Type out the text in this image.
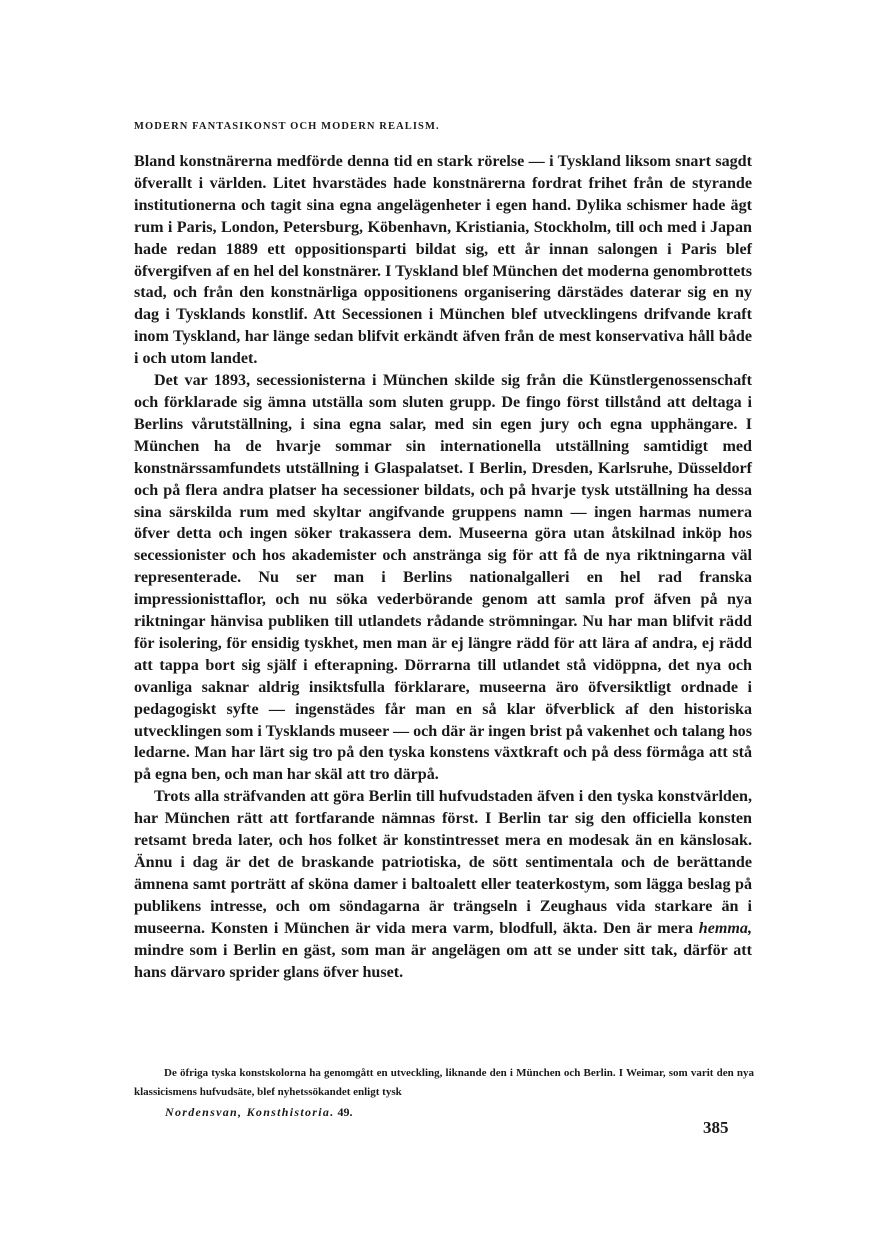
MODERN FANTASIKONST OCH MODERN REALISM.

Bland konstnärerna medförde denna tid en stark rörelse — i Tyskland liksom snart sagdt öfverallt i världen. Litet hvarstädes hade konstnärerna fordrat frihet från de styrande institutionerna och tagit sina egna angelägenheter i egen hand. Dylika schismer hade ägt rum i Paris, London, Petersburg, Köbenhavn, Kristiania, Stockholm, till och med i Japan hade redan 1889 ett oppositionsparti bildat sig, ett år innan salongen i Paris blef öfvergifven af en hel del konstnärer. I Tyskland blef München det moderna genombrottets stad, och från den konstnärliga oppositionens organisering därstädes daterar sig en ny dag i Tysklands konstlif. Att Secessionen i München blef utvecklingens drifvande kraft inom Tyskland, har länge sedan blifvit erkändt äfven från de mest konservativa håll både i och utom landet.

Det var 1893, secessionisterna i München skilde sig från die Künstlergenossenschaft och förklarade sig ämna utställa som sluten grupp. De fingo först tillstånd att deltaga i Berlins vårutställning, i sina egna salar, med sin egen jury och egna upphängare. I München ha de hvarje sommar sin internationella utställning samtidigt med konstnärssamfundets utställning i Glaspalatset. I Berlin, Dresden, Karlsruhe, Düsseldorf och på flera andra platser ha secessioner bildats, och på hvarje tysk utställning ha dessa sina särskilda rum med skyltar angifvande gruppens namn — ingen harmas numera öfver detta och ingen söker trakassera dem. Museerna göra utan åtskilnad inköp hos secessionister och hos akademister och anstränga sig för att få de nya riktningarna väl representerade. Nu ser man i Berlins nationalgalleri en hel rad franska impressionisttaflor, och nu söka vederbörande genom att samla prof äfven på nya riktningar hänvisa publiken till utlandets rådande strömningar. Nu har man blifvit rädd för isolering, för ensidig tyskhet, men man är ej längre rädd för att lära af andra, ej rädd att tappa bort sig själf i efterapning. Dörrarna till utlandet stå vidöppna, det nya och ovanliga saknar aldrig insiktsfulla förklarare, museerna äro öfversiktligt ordnade i pedagogiskt syfte — ingenstädes får man en så klar öfverblick af den historiska utvecklingen som i Tysklands museer — och där är ingen brist på vakenhet och talang hos ledarne. Man har lärt sig tro på den tyska konstens växtkraft och på dess förmåga att stå på egna ben, och man har skäl att tro därpå.

Trots alla sträfvanden att göra Berlin till hufvudstaden äfven i den tyska konstvärlden, har München rätt att fortfarande nämnas först. I Berlin tar sig den officiella konsten retsamt breda later, och hos folket är konstintresset mera en modesak än en känslosak. Ännu i dag är det de braskande patriotiska, de sött sentimentala och de berättande ämnena samt porträtt af sköna damer i baltoalett eller teaterkostym, som lägga beslag på publikens intresse, och om söndagarna är trängseln i Zeughaus vida starkare än i museerna. Konsten i München är vida mera varm, blodfull, äkta. Den är mera hemma, mindre som i Berlin en gäst, som man är angelägen om att se under sitt tak, därför att hans därvaro sprider glans öfver huset.

De öfriga tyska konstskolorna ha genomgått en utveckling, liknande den i München och Berlin. I Weimar, som varit den nya klassicismens hufvudsäte, blef nyhetssökandet enligt tysk

Nordensvan, Konsthistoria. 49.
385
